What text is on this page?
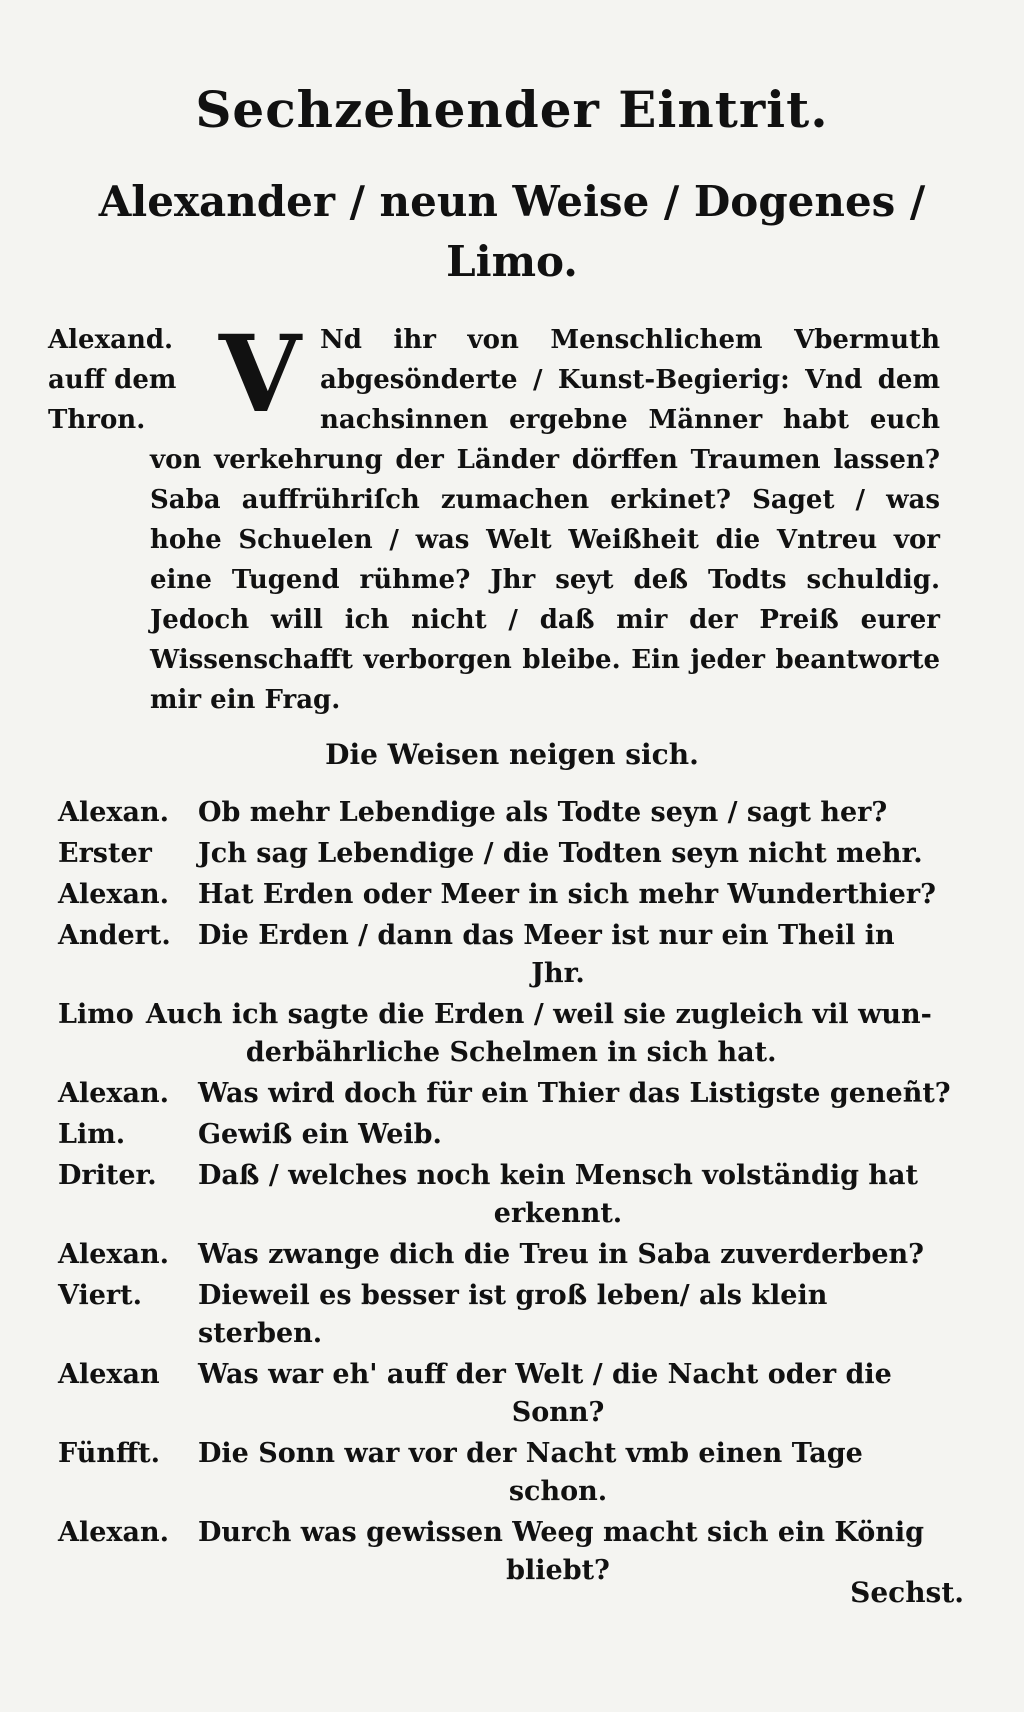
Sechzehender Eintrit.
Alexander / neun Weise / Dogenes /
Limo.
Alexand.
auff dem
Thron.
Nd ihr von Menschlichem Vbermuth abgesönderte / Kunst-Begierig: Vnd dem nachsinnen ergebne Männer habt euch von verkehrung der Länder dörffen Traumen lassen? Saba auffrühriſch zumachen erkinet? Saget / was hohe Schuelen / was Welt Weißheit die Vntreu vor eine Tugend rühme? Jhr seyt deß Todts schuldig. Jedoch will ich nicht / daß mir der Preiß eurer Wissenschafft verborgen bleibe. Ein jeder beantworte mir ein Frag.
V
Die Weisen neigen sich.
Alexan.	Ob mehr Lebendige als Todte seyn / sagt her?
Erster	Jch sag Lebendige / die Todten seyn nicht mehr.
Alexan.	Hat Erden oder Meer in sich mehr Wunderthier?
Andert.	Die Erden / dann das Meer ist nur ein Theil in
Jhr.
Limo Auch ich sagte die Erden / weil sie zugleich vil wun-
derbährliche Schelmen in sich hat.
Alexan.	Was wird doch für ein Thier das Listigste geneñt?
Lim.	Gewiß ein Weib.
Driter.	Daß / welches noch kein Mensch volständig hat
erkennt.
Alexan.	Was zwange dich die Treu in Saba zuverderben?
Viert.	Dieweil es besser ist groß leben/ als klein sterben.
Alexan	Was war eh' auff der Welt / die Nacht oder die
Sonn?
Fünfft.	Die Sonn war vor der Nacht vmb einen Tage
schon.
Alexan.	Durch was gewissen Weeg macht sich ein König
bliebt?
Sechst.
